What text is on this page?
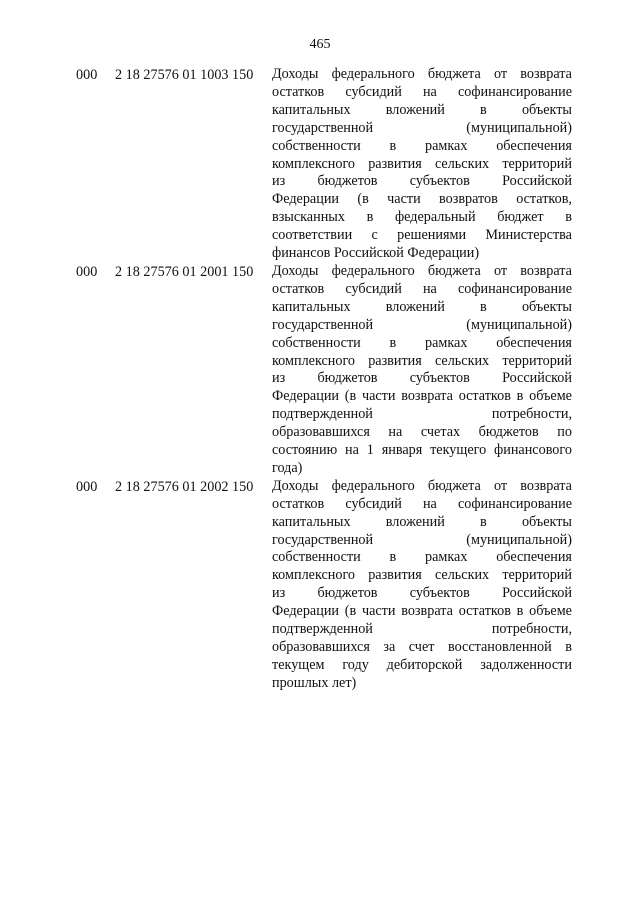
465
000 2 18 27576 01 1003 150 Доходы федерального бюджета от возврата
остатков субсидий на софинансирование
капитальных вложений в объекты
государственной	(муниципальной)
собственности в рамках обеспечения
комплексного развития сельских территорий
из бюджетов субъектов Российской
Федерации (в части возвратов остатков,
взысканных в федеральный бюджет в
соответствии с решениями Министерства
финансов Российской Федерации)
000 2 18 27576 01 2001 150 Доходы федерального бюджета от возврата
остатков субсидий на софинансирование
капитальных вложений в объекты
государственной	(муниципальной)
собственности в рамках обеспечения
комплексного развития сельских территорий
из бюджетов субъектов Российской
Федерации (в части возврата остатков в объеме
подтвержденной	потребности,
образовавшихся на счетах бюджетов по
состоянию на 1 января текущего финансового
года)
000 2 18 27576 01 2002 150 Доходы федерального бюджета от возврата
остатков субсидий на софинансирование
капитальных вложений в объекты
государственной	(муниципальной)
собственности в рамках обеспечения
комплексного развития сельских территорий
из бюджетов субъектов Российской
Федерации (в части возврата остатков в объеме
подтвержденной	потребности,
образовавшихся за счет восстановленной в
текущем году дебиторской задолженности
прошлых лет)
